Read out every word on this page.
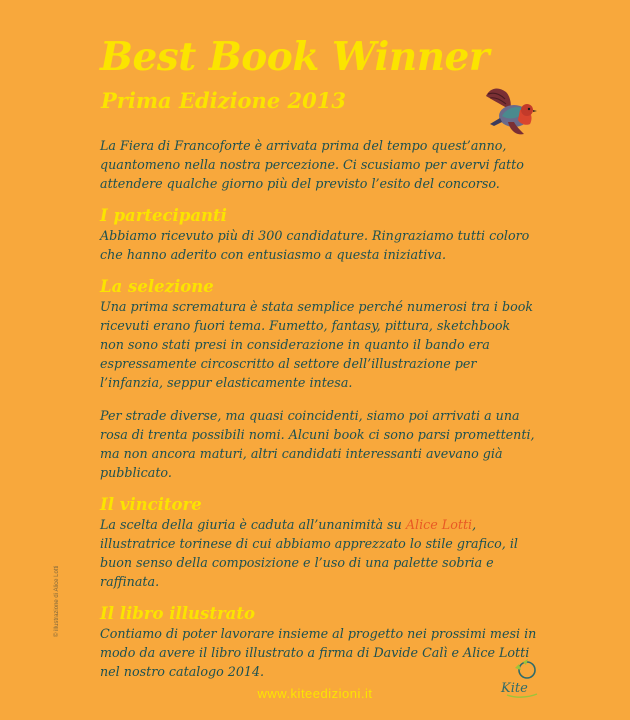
Best Book Winner
Prima Edizione 2013

La Fiera di Francoforte è arrivata prima del tempo quest’anno, quantomeno nella nostra percezione. Ci scusiamo per avervi fatto attendere qualche giorno più del previsto l’esito del concorso.

I partecipanti

Abbiamo ricevuto più di 300 candidature. Ringraziamo tutti coloro che hanno aderito con entusiasmo a questa iniziativa.

La selezione

Una prima scrematura è stata semplice perché numerosi tra i book ricevuti erano fuori tema. Fumetto, fantasy, pittura, sketchbook non sono stati presi in considerazione in quanto il bando era espressamente circoscritto al settore dell’illustrazione per l’infanzia, seppur elasticamente intesa.

Per strade diverse, ma quasi coincidenti, siamo poi arrivati a una rosa di trenta possibili nomi. Alcuni book ci sono parsi promettenti, ma non ancora maturi, altri candidati interessanti avevano già pubblicato.

Il vincitore

La scelta della giuria è caduta all’unanimità su Alice Lotti, illustratrice torinese di cui abbiamo apprezzato lo stile grafico, il buon senso della composizione e l’uso di una palette sobria e raffinata.

Il libro illustrato

Contiamo di poter lavorare insieme al progetto nei prossimi mesi in modo da avere il libro illustrato a firma di Davide Calì e Alice Lotti nel nostro catalogo 2014.

© illustrazione di Alice Lotti
www.kiteedizioni.it	Kite
